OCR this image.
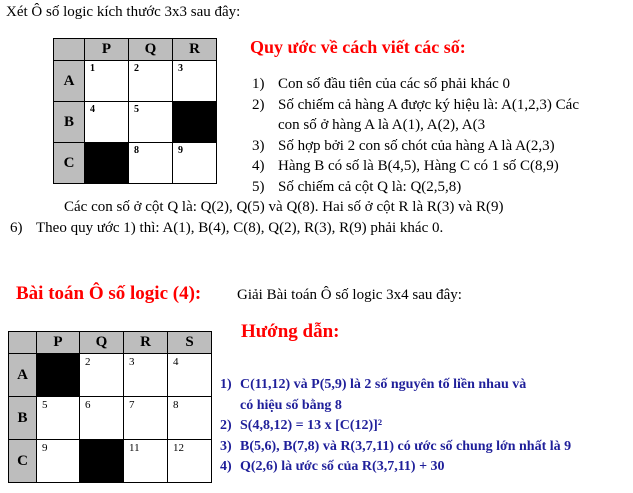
Xét Ô số logic kích thước 3x3 sau đây:
	P	Q	R
A	1	2	3

B	4	5	

C		8	9
Quy ước về cách viết các số:
1) Con số đầu tiên của các số phải khác 0
2) Số chiếm cả hàng A được ký hiệu là: A(1,2,3) Các
con số ở hàng A là A(1), A(2), A(3
3) Số hợp bởi 2 con số chót của hàng A là A(2,3)
4) Hàng B có số là B(4,5), Hàng C có 1 số C(8,9)
5) Số chiếm cả cột Q là: Q(2,5,8)
Các con số ở cột Q là: Q(2), Q(5) và Q(8). Hai số ở cột R là R(3) và R(9)
6) Theo quy ước 1) thì: A(1), B(4), C(8), Q(2), R(3), R(9) phải khác 0.
Bài toán Ô số logic (4): Giải Bài toán Ô số logic 3x4 sau đây:
	P	Q	R	S
A		2	3	4

B	5	6	7	8

C	9		11	12
Hướng dẫn:
1) C(11,12) và P(5,9) là 2 số nguyên tố liền nhau và
có hiệu số bằng 8
2) S(4,8,12) = 13 x [C(12)]²
3) B(5,6), B(7,8) và R(3,7,11) có ước số chung lớn nhất là 9
4) Q(2,6) là ước số của R(3,7,11) + 30
